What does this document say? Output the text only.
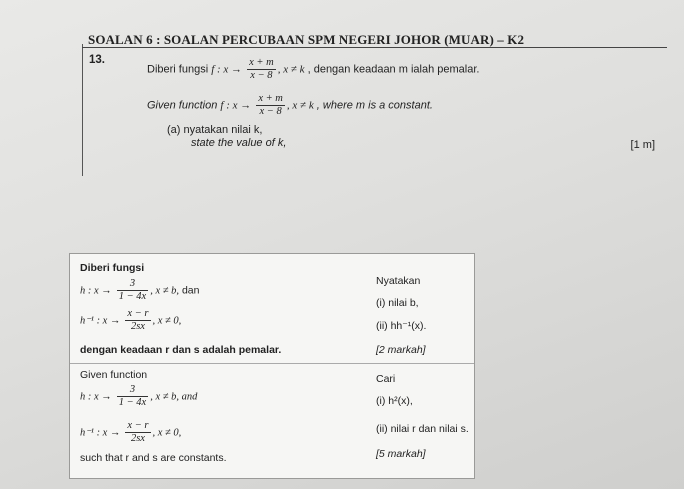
SOALAN 6 : SOALAN PERCUBAAN SPM NEGERI JOHOR (MUAR) – K2
13.
Diberi fungsi f : $x \to \frac{x + m}{x - 8}$ , x ≠ k , dengan keadaan m ialah pemalar.
Given function f : $x \to \frac{x + m}{x - 8}$ , x ≠ k , where m is a constant.
(a) nyatakan nilai k,
state the value of k,	[1 m]
Diberi fungsi
h : $x \to \frac{3}{1 - 4x}$ , x ≠ b, dan
h⁻¹ : $x \to \frac{x - r}{2sx}$ , x ≠ 0,
dengan keadaan r dan s adalah pemalar.
Nyatakan
(i) nilai b,
(ii) hh⁻¹(x).
[2 markah]
Given function
h : $x \to \frac{3}{1 - 4x}$ , x ≠ b, and
h⁻¹ : $x \to \frac{x - r}{2sx}$ , x ≠ 0,
such that r and s are constants.
Cari
(i) h²(x),
(ii) nilai r dan nilai s.
[5 markah]
